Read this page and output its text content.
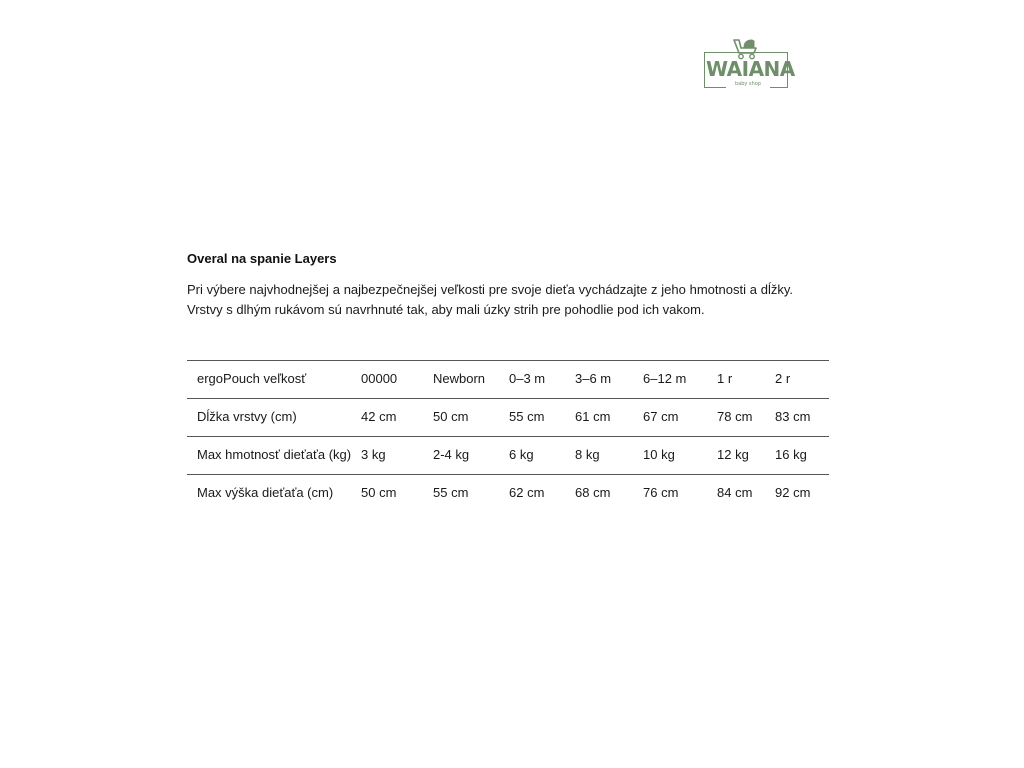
WAIANA
baby shop
Overal na spanie Layers
Pri výbere najvhodnejšej a najbezpečnejšej veľkosti pre svoje dieťa vychádzajte z jeho hmotnosti a dĺžky. Vrstvy s dlhým rukávom sú navrhnuté tak, aby mali úzky strih pre pohodlie pod ich vakom.
ergoPouch veľkosť	00000	Newborn	0–3 m	3–6 m	6–12 m	1 r	2 r
Dĺžka vrstvy (cm)	42 cm	50 cm	55 cm	61 cm	67 cm	78 cm	83 cm
Max hmotnosť dieťaťa (kg)	3 kg	2-4 kg	6 kg	8 kg	10 kg	12 kg	16 kg
Max výška dieťaťa (cm)	50 cm	55 cm	62 cm	68 cm	76 cm	84 cm	92 cm
